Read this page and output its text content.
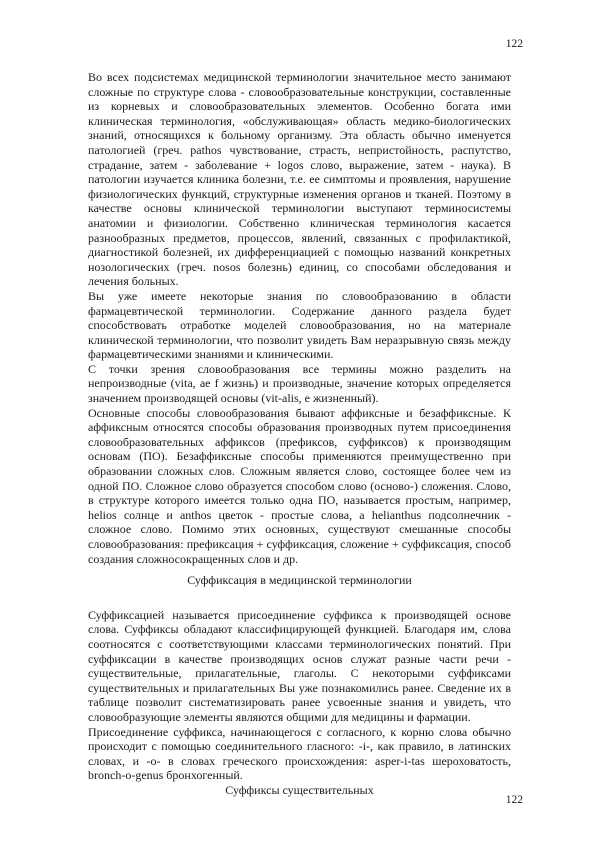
122

Во всех подсистемах медицинской терминологии значительное место занимают сложные по структуре слова - словообразовательные конструкции, составленные из корневых и словообразовательных элементов. Особенно богата ими клиническая терминология, «обслуживающая» область медико-биологических знаний, относящихся к больному организму. Эта область обычно именуется патологией (греч. pathos чувствование, страсть, непристойность, распутство, страдание, затем - заболевание + logos слово, выражение, затем - наука). В патологии изучается клиника болезни, т.е. ее симптомы и проявления, нарушение физиологических функций, структурные изменения органов и тканей. Поэтому в качестве основы клинической терминологии выступают терминосистемы анатомии и физиологии. Собственно клиническая терминология касается разнообразных предметов, процессов, явлений, связанных с профилактикой, диагностикой болезней, их дифференциацией с помощью названий конкретных нозологических (греч. nosos болезнь) единиц, со способами обследования и лечения больных.

Вы уже имеете некоторые знания по словообразованию в области фармацевтической терминологии. Содержание данного раздела будет способствовать отработке моделей словообразования, но на материале клинической терминологии, что позволит увидеть Вам неразрывную связь между фармацевтическими знаниями и клиническими.

С точки зрения словообразования все термины можно разделить на непроизводные (vita, ae f жизнь) и производные, значение которых определяется значением производящей основы (vit-alis, e жизненный).

Основные способы словообразования бывают аффиксные и безаффиксные. К аффиксным относятся способы образования производных путем присоединения словообразовательных аффиксов (префиксов, суффиксов) к производящим основам (ПО). Безаффиксные способы применяются преимущественно при образовании сложных слов. Сложным является слово, состоящее более чем из одной ПО. Сложное слово образуется способом слово (осново-) сложения. Слово, в структуре которого имеется только одна ПО, называется простым, например, helios солнце и anthos цветок - простые слова, а helianthus подсолнечник - сложное слово. Помимо этих основных, существуют смешанные способы словообразования: префиксация + суффиксация, сложение + суффиксация, способ создания сложносокращенных слов и др.

Суффиксация в медицинской терминологии

Суффиксацией называется присоединение суффикса к производящей основе слова. Суффиксы обладают классифицирующей функцией. Благодаря им, слова соотносятся с соответствующими классами терминологических понятий. При суффиксации в качестве производящих основ служат разные части речи - существительные, прилагательные, глаголы. С некоторыми суффиксами существительных и прилагательных Вы уже познакомились ранее. Сведение их в таблице позволит систематизировать ранее усвоенные знания и увидеть, что словообразующие элементы являются общими для медицины и фармации.

Присоединение суффикса, начинающегося с согласного, к корню слова обычно происходит с помощью соединительного гласного: -i-, как правило, в латинских словах, и -o- в словах греческого происхождения: asper-i-tas шероховатость, bronch-o-genus бронхогенный.

Суффиксы существительных

122
